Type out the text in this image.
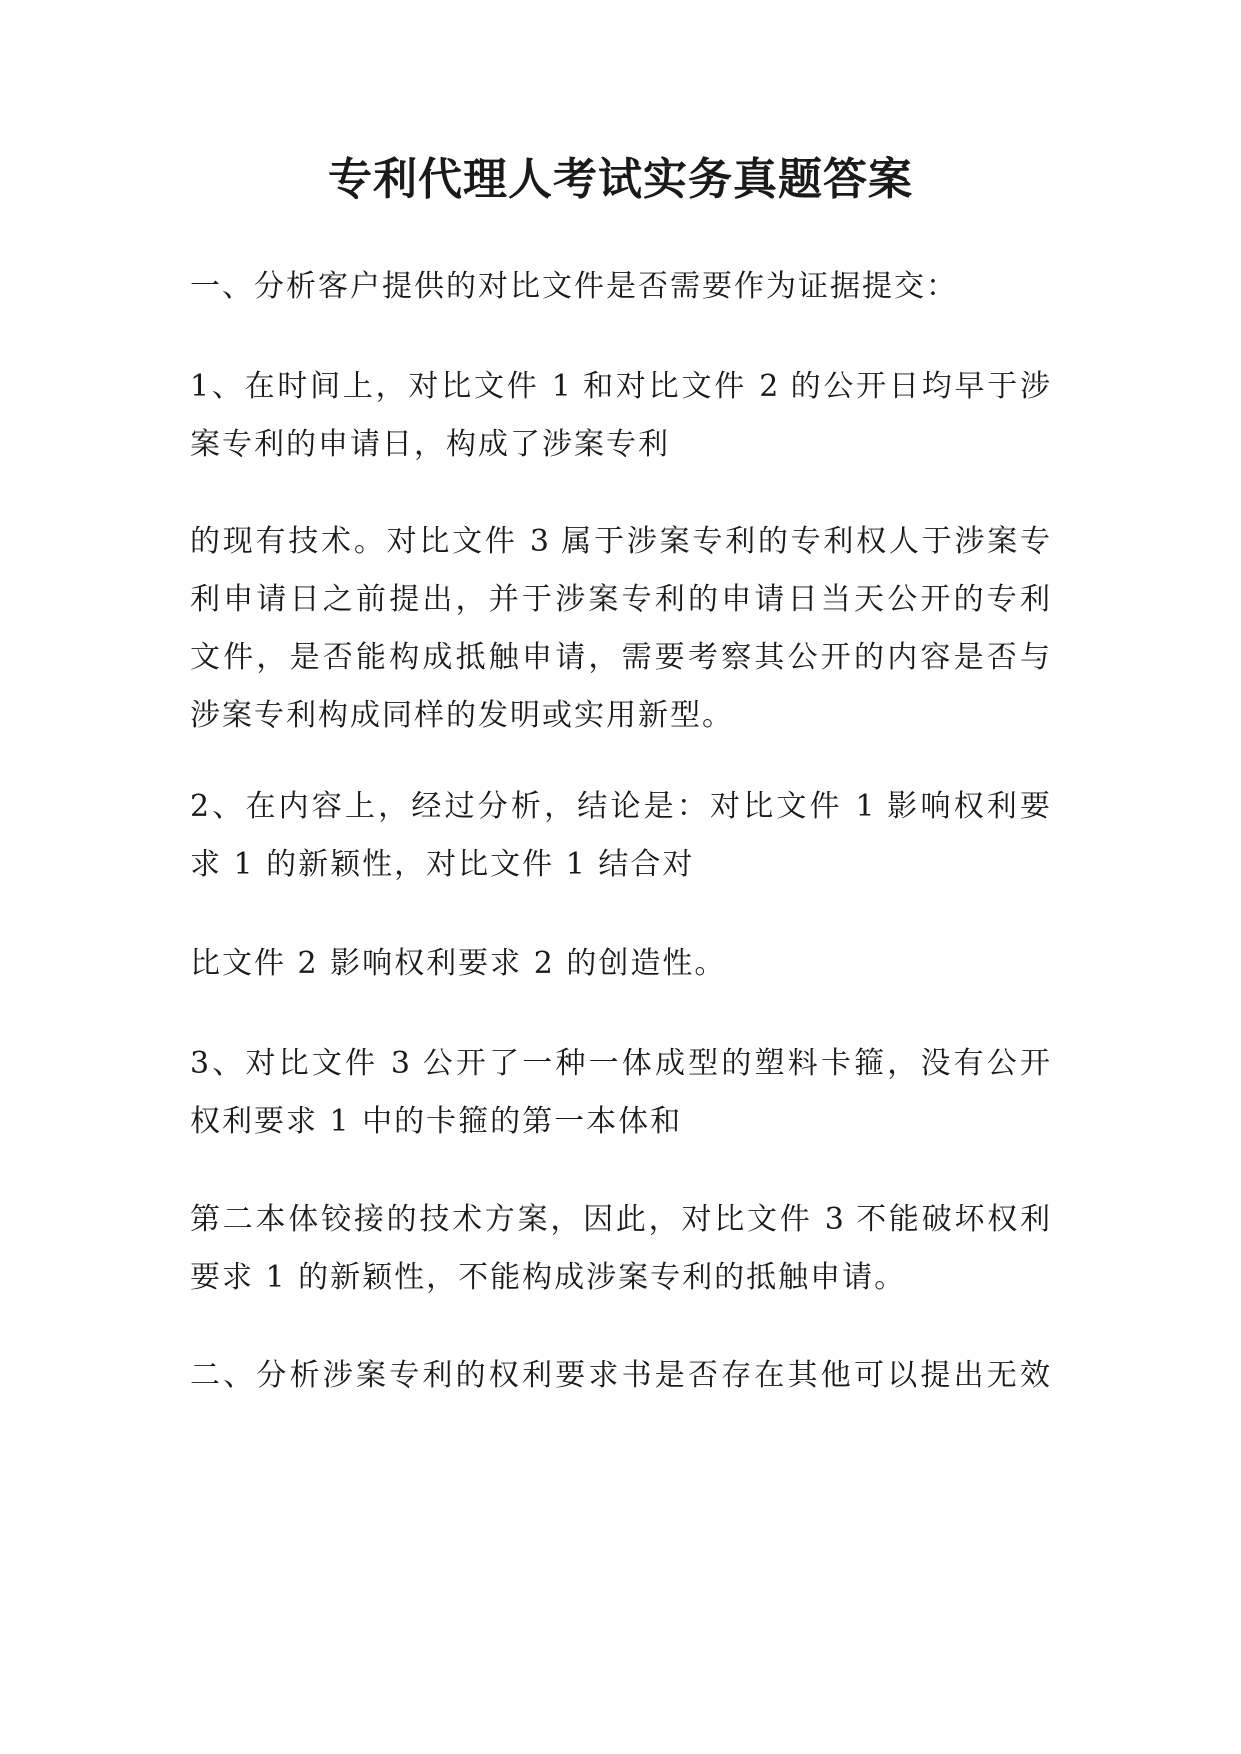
专利代理人考试实务真题答案

一、分析客户提供的对比文件是否需要作为证据提交：

1、在时间上，对比文件 1 和对比文件 2 的公开日均早于涉
案专利的申请日，构成了涉案专利

的现有技术。对比文件 3 属于涉案专利的专利权人于涉案专
利申请日之前提出，并于涉案专利的申请日当天公开的专利
文件，是否能构成抵触申请，需要考察其公开的内容是否与
涉案专利构成同样的发明或实用新型。

2、在内容上，经过分析，结论是：对比文件 1 影响权利要
求 1 的新颖性，对比文件 1 结合对

比文件 2 影响权利要求 2 的创造性。

3、对比文件 3 公开了一种一体成型的塑料卡箍，没有公开
权利要求 1 中的卡箍的第一本体和

第二本体铰接的技术方案，因此，对比文件 3 不能破坏权利
要求 1 的新颖性，不能构成涉案专利的抵触申请。

二、分析涉案专利的权利要求书是否存在其他可以提出无效
